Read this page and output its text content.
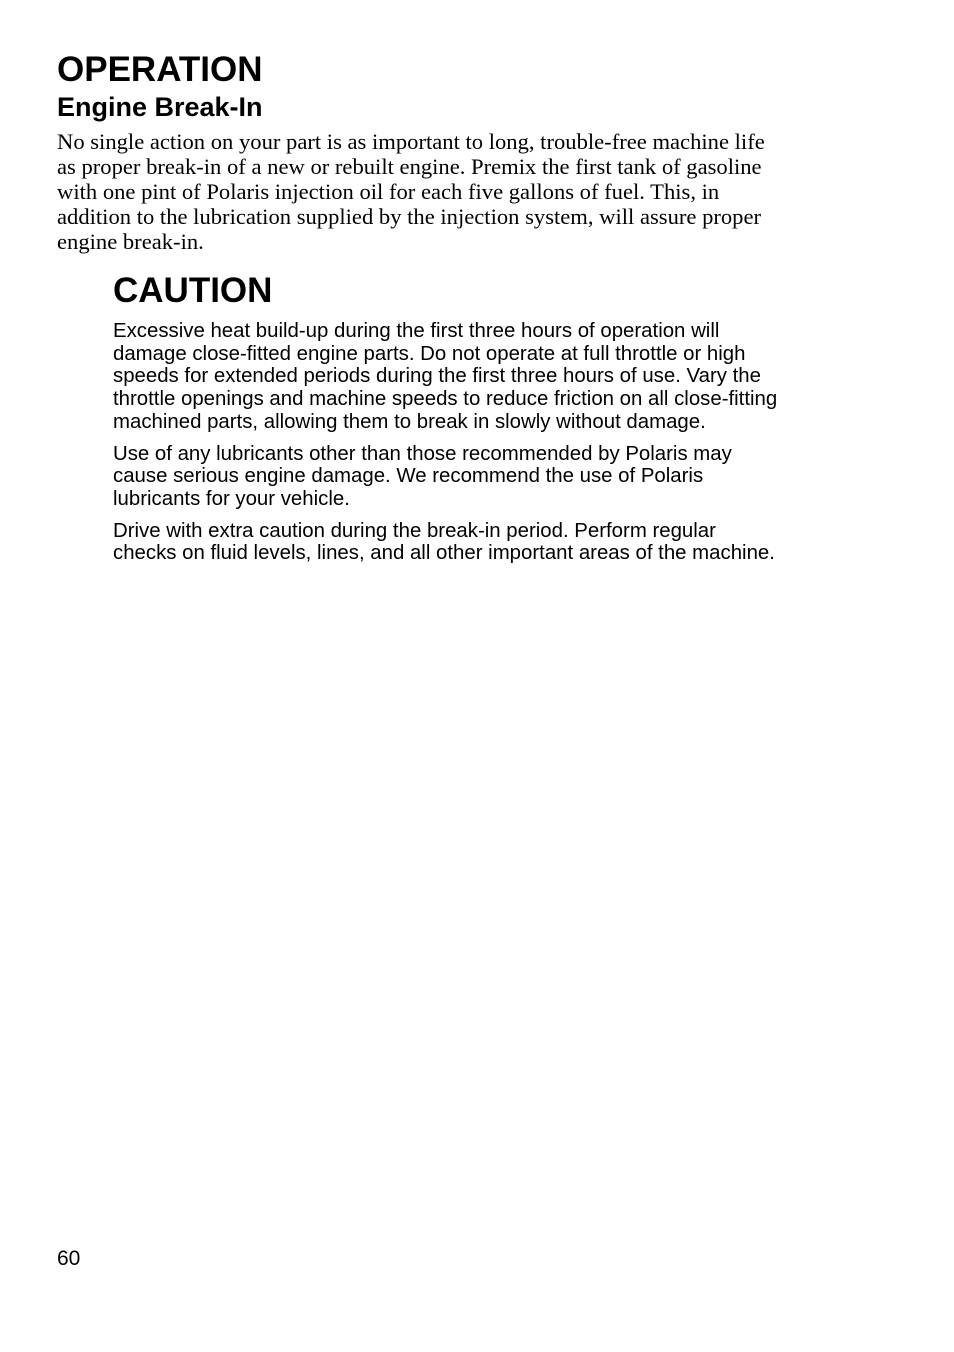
OPERATION
Engine Break-In

No single action on your part is as important to long, trouble-free machine life as proper break-in of a new or rebuilt engine. Premix the first tank of gasoline with one pint of Polaris injection oil for each five gallons of fuel. This, in addition to the lubrication supplied by the injection system, will assure proper engine break-in.

CAUTION

Excessive heat build-up during the first three hours of operation will damage close-fitted engine parts. Do not operate at full throttle or high speeds for extended periods during the first three hours of use. Vary the throttle openings and machine speeds to reduce friction on all close-fitting machined parts, allowing them to break in slowly without damage.

Use of any lubricants other than those recommended by Polaris may cause serious engine damage. We recommend the use of Polaris lubricants for your vehicle.

Drive with extra caution during the break-in period. Perform regular checks on fluid levels, lines, and all other important areas of the machine.

60
